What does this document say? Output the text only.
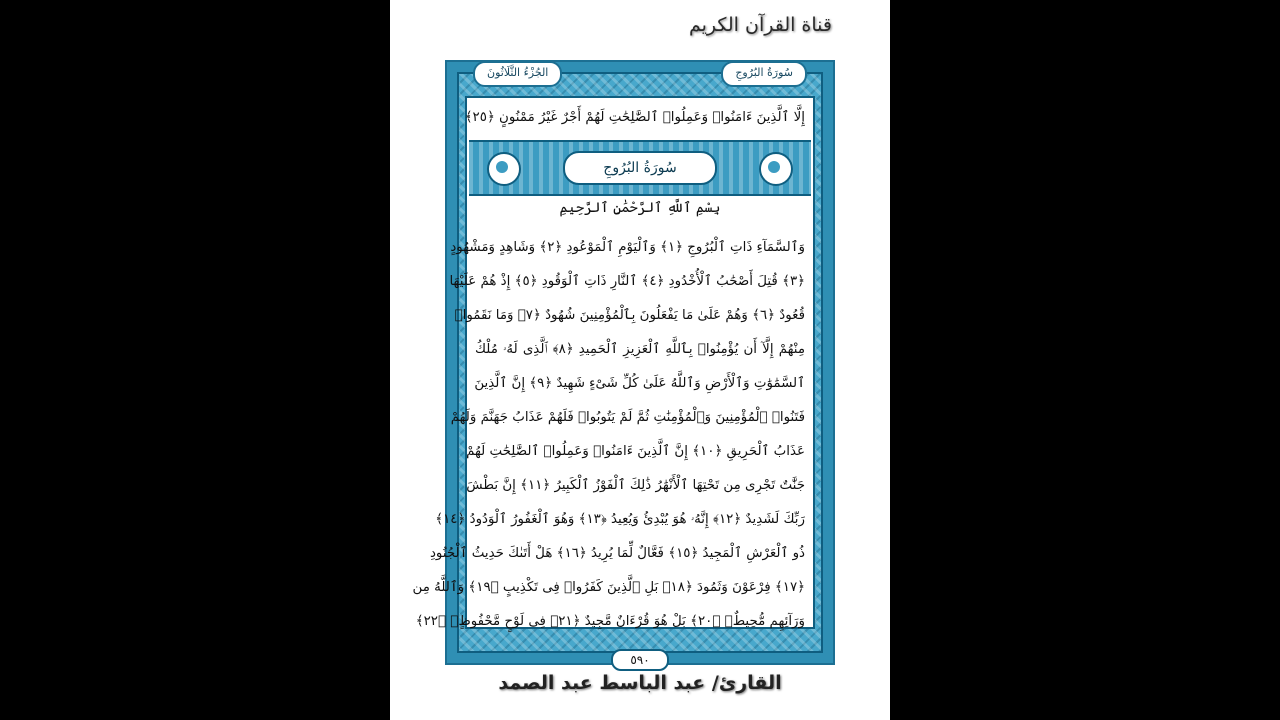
قناة القرآن الكريم
الجُزْءُ الثَّلَاثُونَ	سُورَةُ البُرُوجِ
إِلَّا ٱلَّذِينَ ءَامَنُوا۟ وَعَمِلُوا۟ ٱلصَّٰلِحَٰتِ لَهُمْ أَجْرٌ غَيْرُ مَمْنُونٍ ﴿٢٥﴾
سُورَةُ البُرُوجِ
بِسْمِ ٱللَّهِ ٱلرَّحْمَٰنِ ٱلرَّحِيمِ
وَٱلسَّمَآءِ ذَاتِ ٱلْبُرُوجِ ﴿١﴾ وَٱلْيَوْمِ ٱلْمَوْعُودِ ﴿٢﴾ وَشَاهِدٍ وَمَشْهُودٍ
﴿٣﴾ قُتِلَ أَصْحَٰبُ ٱلْأُخْدُودِ ﴿٤﴾ ٱلنَّارِ ذَاتِ ٱلْوَقُودِ ﴿٥﴾ إِذْ هُمْ عَلَيْهَا
قُعُودٌ ﴿٦﴾ وَهُمْ عَلَىٰ مَا يَفْعَلُونَ بِٱلْمُؤْمِنِينَ شُهُودٌ ﴿٧﴾ وَمَا نَقَمُوا۟
مِنْهُمْ إِلَّآ أَن يُؤْمِنُوا۟ بِٱللَّهِ ٱلْعَزِيزِ ٱلْحَمِيدِ ﴿٨﴾ ٱلَّذِى لَهُۥ مُلْكُ
ٱلسَّمَٰوَٰتِ وَٱلْأَرْضِ وَٱللَّهُ عَلَىٰ كُلِّ شَىْءٍ شَهِيدٌ ﴿٩﴾ إِنَّ ٱلَّذِينَ
فَتَنُوا۟ ٱلْمُؤْمِنِينَ وَٱلْمُؤْمِنَٰتِ ثُمَّ لَمْ يَتُوبُوا۟ فَلَهُمْ عَذَابُ جَهَنَّمَ وَلَهُمْ
عَذَابُ ٱلْحَرِيقِ ﴿١٠﴾ إِنَّ ٱلَّذِينَ ءَامَنُوا۟ وَعَمِلُوا۟ ٱلصَّٰلِحَٰتِ لَهُمْ
جَنَّٰتٌ تَجْرِى مِن تَحْتِهَا ٱلْأَنْهَٰرُ ذَٰلِكَ ٱلْفَوْزُ ٱلْكَبِيرُ ﴿١١﴾ إِنَّ بَطْشَ
رَبِّكَ لَشَدِيدٌ ﴿١٢﴾ إِنَّهُۥ هُوَ يُبْدِئُ وَيُعِيدُ ﴿١٣﴾ وَهُوَ ٱلْغَفُورُ ٱلْوَدُودُ ﴿١٤﴾
ذُو ٱلْعَرْشِ ٱلْمَجِيدُ ﴿١٥﴾ فَعَّالٌ لِّمَا يُرِيدُ ﴿١٦﴾ هَلْ أَتَىٰكَ حَدِيثُ ٱلْجُنُودِ
﴿١٧﴾ فِرْعَوْنَ وَثَمُودَ ﴿١٨﴾ بَلِ ٱلَّذِينَ كَفَرُوا۟ فِى تَكْذِيبٍ ﴿١٩﴾ وَٱللَّهُ مِن
وَرَآئِهِم مُّحِيطٌۢ ﴿٢٠﴾ بَلْ هُوَ قُرْءَانٌ مَّجِيدٌ ﴿٢١﴾ فِى لَوْحٍ مَّحْفُوظٍۭ ﴿٢٢﴾
٥٩٠
القارئ/ عبد الباسط عبد الصمد
